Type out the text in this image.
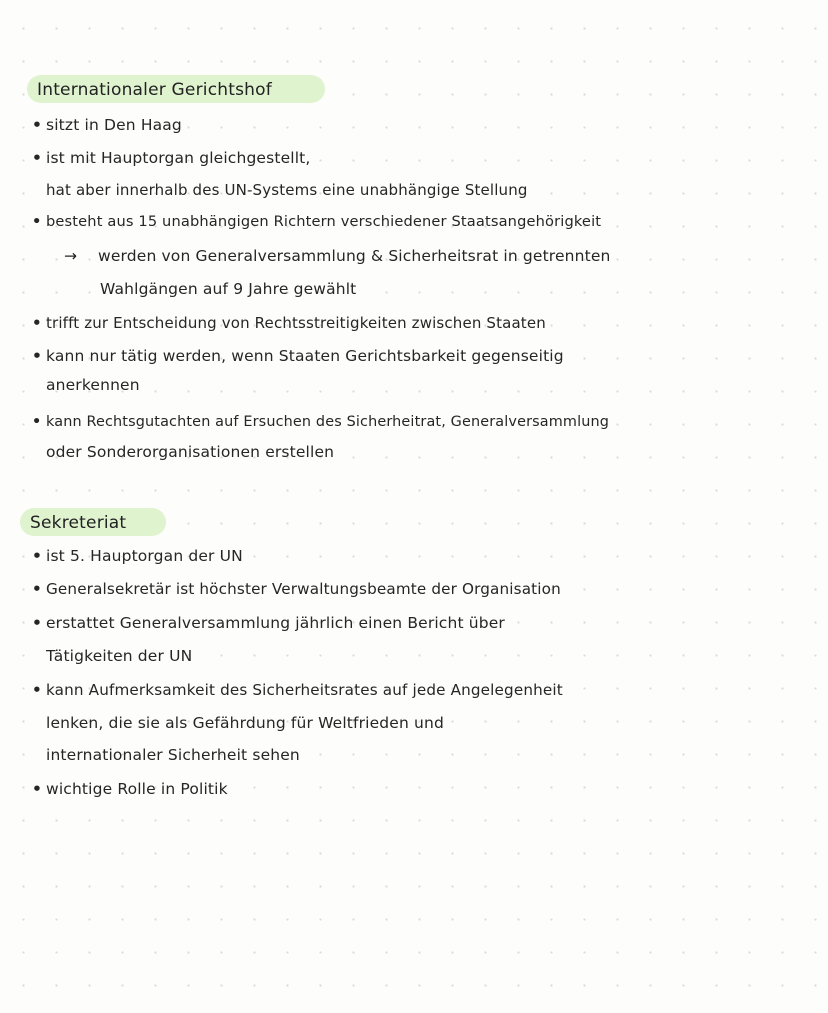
Internationaler Gerichtshof
• sitzt in Den Haag
• ist mit Hauptorgan gleichgestellt,
hat aber innerhalb des UN-Systems eine unabhängige Stellung
• besteht aus 15 unabhängigen Richtern verschiedener Staatsangehörigkeit
→ werden von Generalversammlung & Sicherheitsrat in getrennten
Wahlgängen auf 9 Jahre gewählt
• trifft zur Entscheidung von Rechtsstreitigkeiten zwischen Staaten
• kann nur tätig werden, wenn Staaten Gerichtsbarkeit gegenseitig
anerkennen
• kann Rechtsgutachten auf Ersuchen des Sicherheitrat, Generalversammlung
oder Sonderorganisationen erstellen
Sekreteriat
• ist 5. Hauptorgan der UN
• Generalsekretär ist höchster Verwaltungsbeamte der Organisation
• erstattet Generalversammlung jährlich einen Bericht über
Tätigkeiten der UN
• kann Aufmerksamkeit des Sicherheitsrates auf jede Angelegenheit
lenken, die sie als Gefährdung für Weltfrieden und
internationaler Sicherheit sehen
• wichtige Rolle in Politik
